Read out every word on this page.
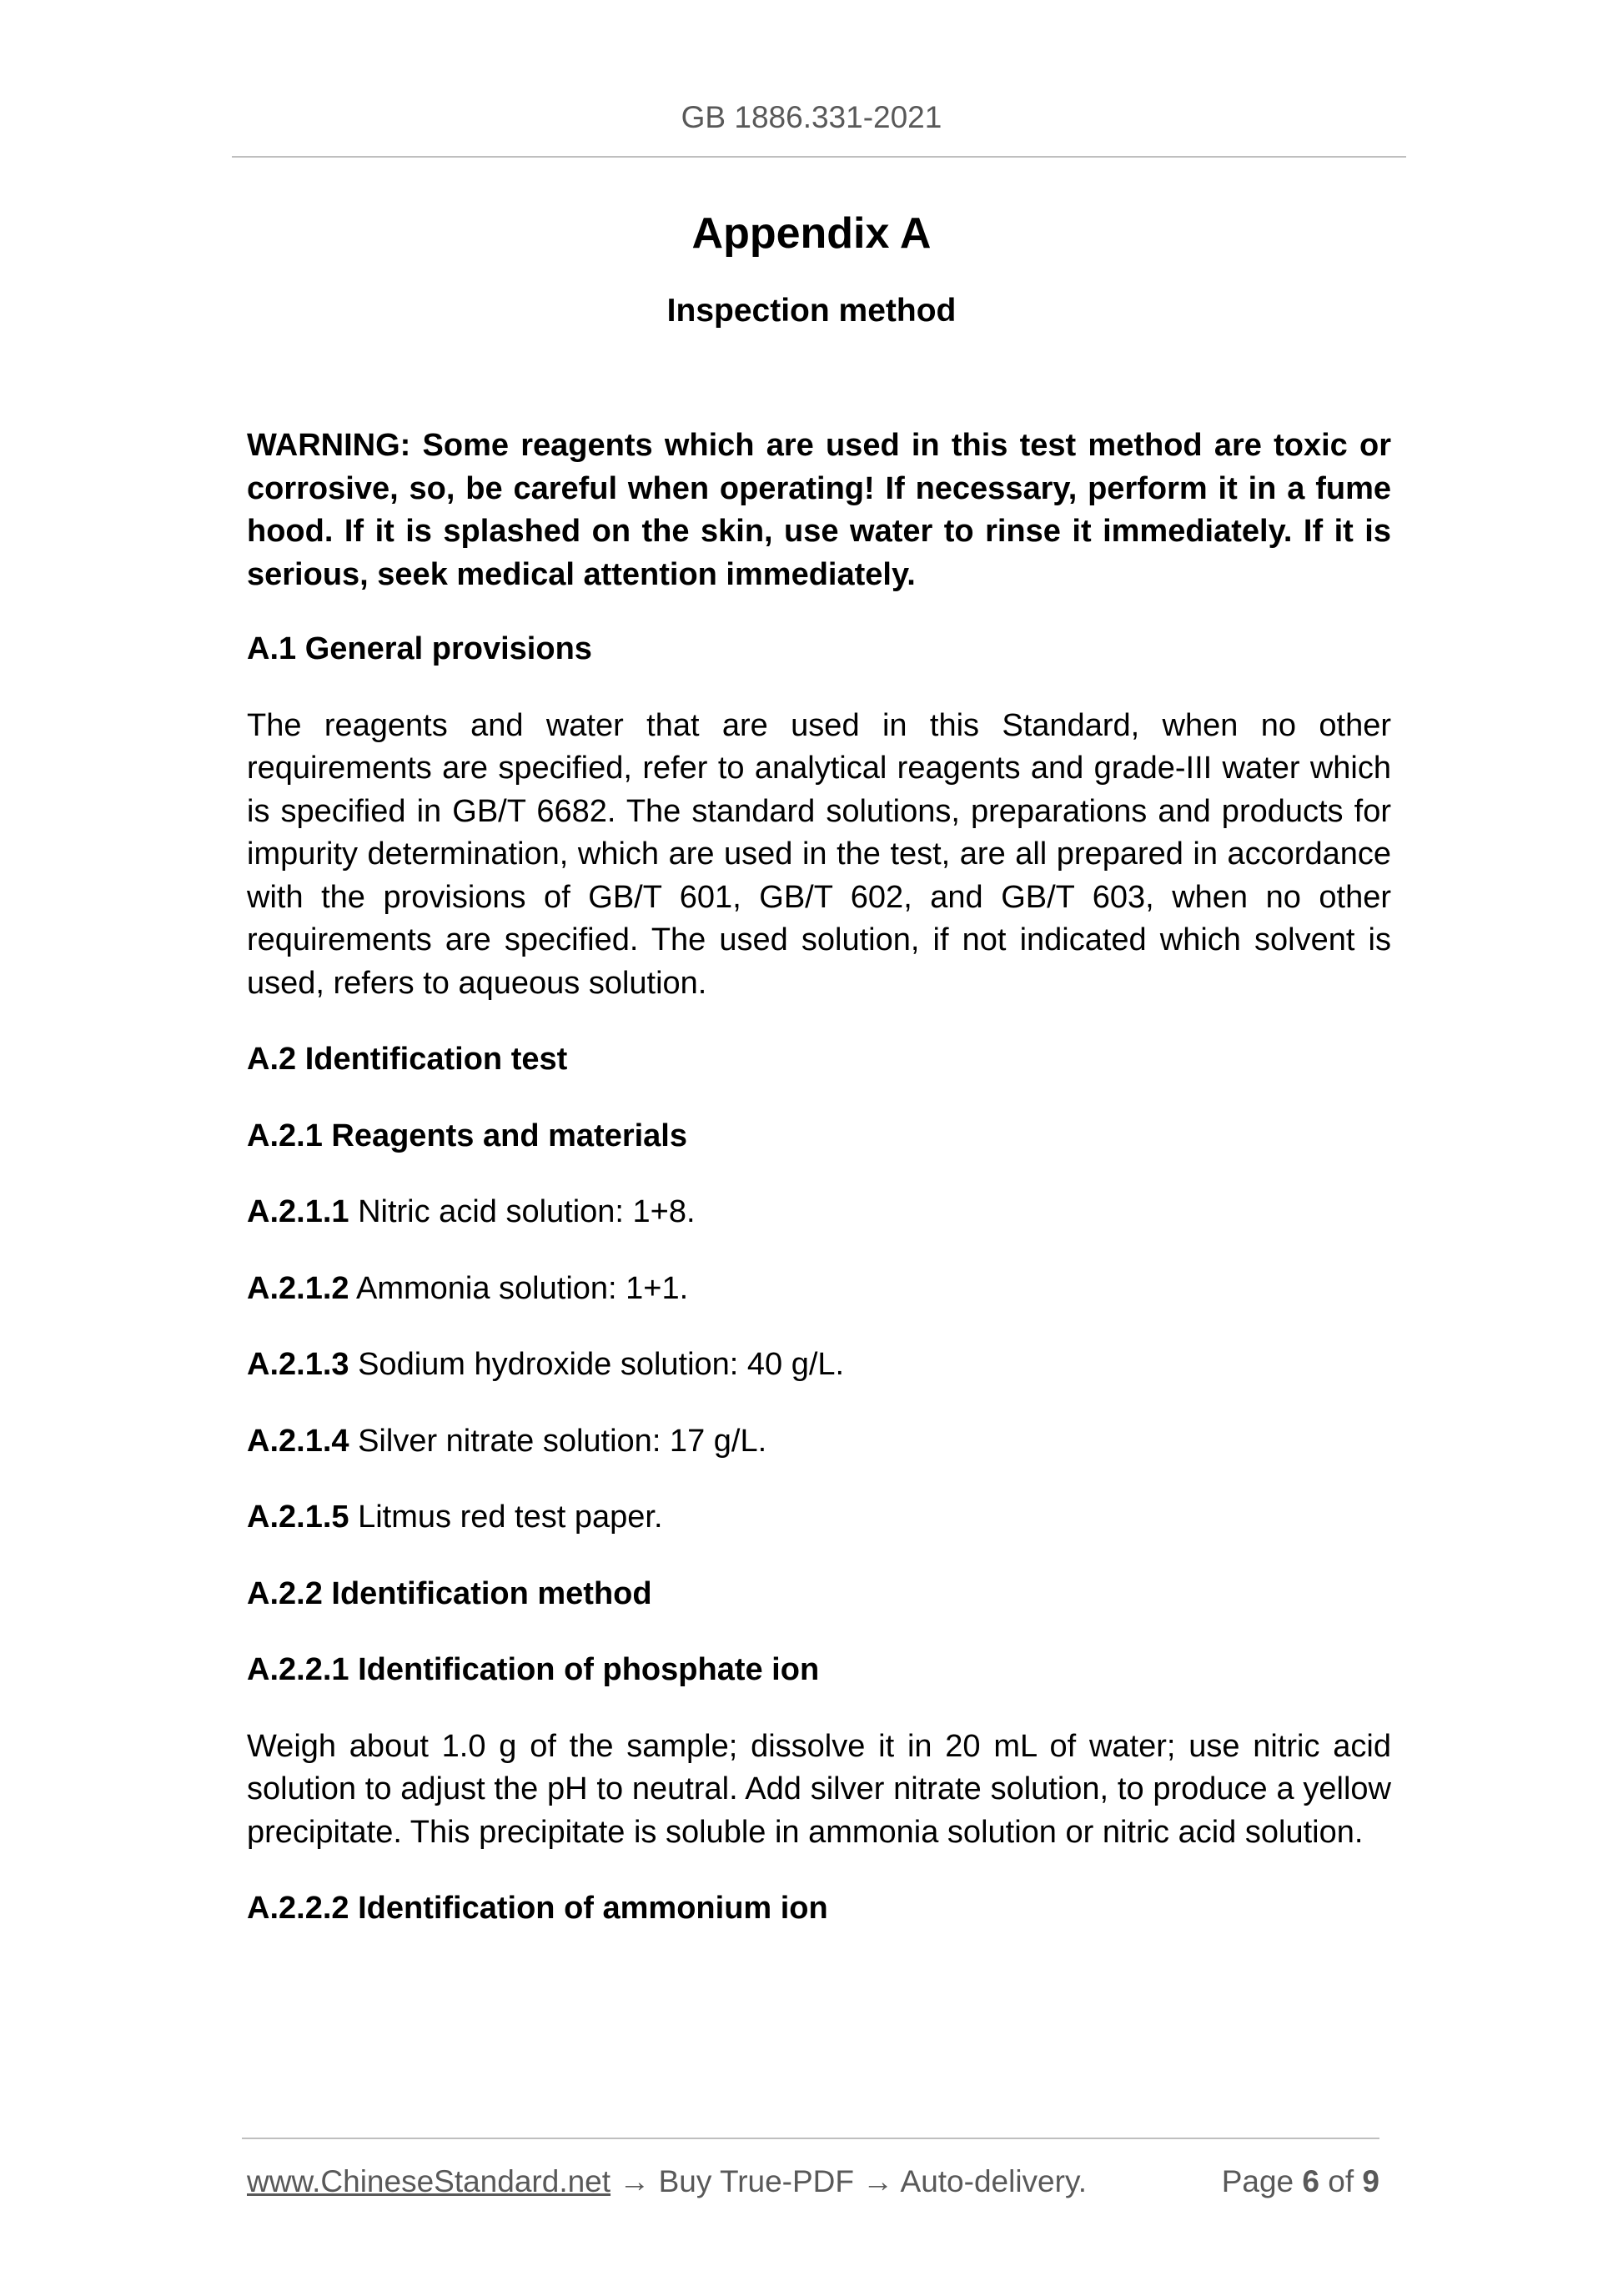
GB 1886.331-2021
Appendix A
Inspection method

WARNING: Some reagents which are used in this test method are toxic or corrosive, so, be careful when operating! If necessary, perform it in a fume hood. If it is splashed on the skin, use water to rinse it immediately. If it is serious, seek medical attention immediately.

A.1 General provisions

The reagents and water that are used in this Standard, when no other requirements are specified, refer to analytical reagents and grade-III water which is specified in GB/T 6682. The standard solutions, preparations and products for impurity determination, which are used in the test, are all prepared in accordance with the provisions of GB/T 601, GB/T 602, and GB/T 603, when no other requirements are specified. The used solution, if not indicated which solvent is used, refers to aqueous solution.

A.2 Identification test

A.2.1 Reagents and materials

A.2.1.1 Nitric acid solution: 1+8.

A.2.1.2 Ammonia solution: 1+1.

A.2.1.3 Sodium hydroxide solution: 40 g/L.

A.2.1.4 Silver nitrate solution: 17 g/L.

A.2.1.5 Litmus red test paper.

A.2.2 Identification method

A.2.2.1 Identification of phosphate ion

Weigh about 1.0 g of the sample; dissolve it in 20 mL of water; use nitric acid solution to adjust the pH to neutral. Add silver nitrate solution, to produce a yellow precipitate. This precipitate is soluble in ammonia solution or nitric acid solution.

A.2.2.2 Identification of ammonium ion

www.ChineseStandard.net → Buy True-PDF → Auto-delivery.	Page 6 of 9
